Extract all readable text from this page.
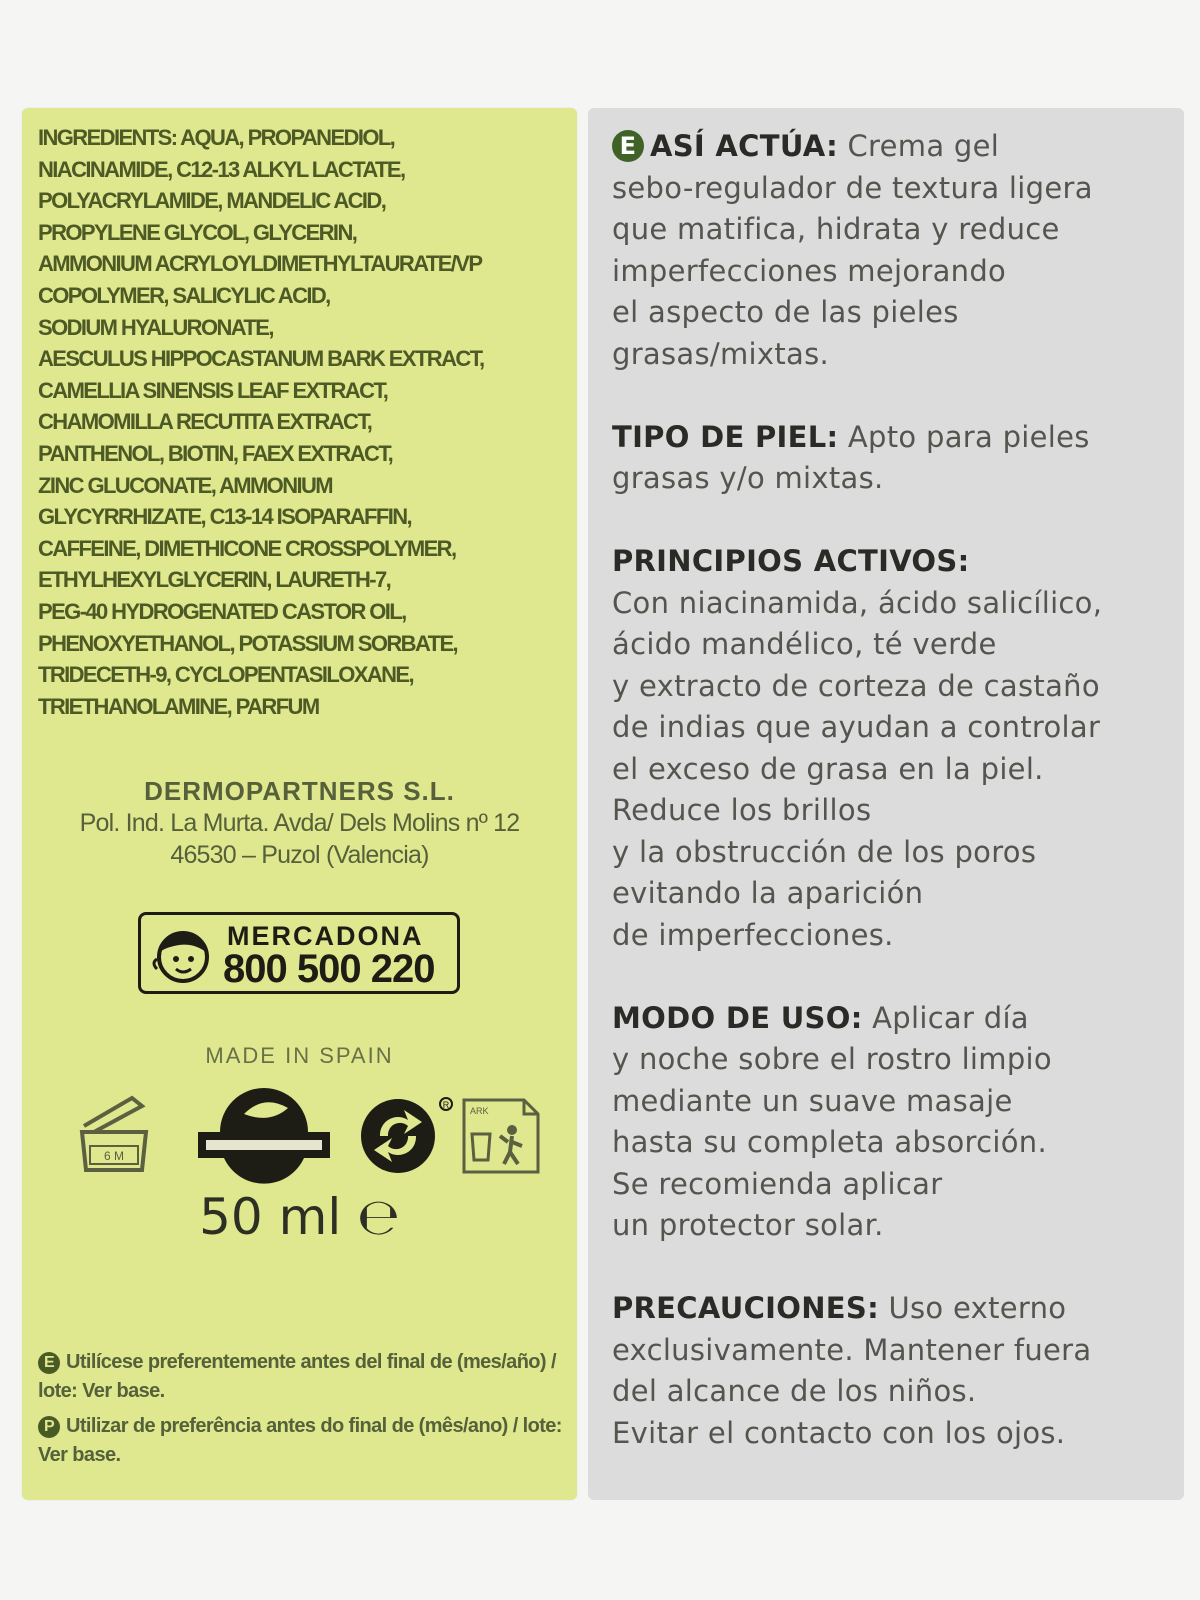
INGREDIENTS: AQUA, PROPANEDIOL,
NIACINAMIDE, C12-13 ALKYL LACTATE,
POLYACRYLAMIDE, MANDELIC ACID,
PROPYLENE GLYCOL, GLYCERIN,
AMMONIUM ACRYLOYLDIMETHYLTAURATE/VP
COPOLYMER, SALICYLIC ACID,
SODIUM HYALURONATE,
AESCULUS HIPPOCASTANUM BARK EXTRACT,
CAMELLIA SINENSIS LEAF EXTRACT,
CHAMOMILLA RECUTITA EXTRACT,
PANTHENOL, BIOTIN, FAEX EXTRACT,
ZINC GLUCONATE, AMMONIUM
GLYCYRRHIZATE, C13-14 ISOPARAFFIN,
CAFFEINE, DIMETHICONE CROSSPOLYMER,
ETHYLHEXYLGLYCERIN, LAURETH-7,
PEG-40 HYDROGENATED CASTOR OIL,
PHENOXYETHANOL, POTASSIUM SORBATE,
TRIDECETH-9, CYCLOPENTASILOXANE,
TRIETHANOLAMINE, PARFUM
DERMOPARTNERS S.L.
Pol. Ind. La Murta. Avda/ Dels Molins nº 12
46530 – Puzol (Valencia)
MERCADONA
800 500 220
MADE IN SPAIN
6 M
R
ARK
50 ml ℮
E Utilícese preferentemente antes del final de (mes/año) / lote: Ver base.
P Utilizar de preferência antes do final de (mês/ano) / lote: Ver base.

E ASÍ ACTÚA: Crema gel
sebo-regulador de textura ligera
que matifica, hidrata y reduce
imperfecciones mejorando
el aspecto de las pieles
grasas/mixtas.

TIPO DE PIEL: Apto para pieles
grasas y/o mixtas.

PRINCIPIOS ACTIVOS:
Con niacinamida, ácido salicílico,
ácido mandélico, té verde
y extracto de corteza de castaño
de indias que ayudan a controlar
el exceso de grasa en la piel.
Reduce los brillos
y la obstrucción de los poros
evitando la aparición
de imperfecciones.

MODO DE USO: Aplicar día
y noche sobre el rostro limpio
mediante un suave masaje
hasta su completa absorción.
Se recomienda aplicar
un protector solar.

PRECAUCIONES: Uso externo
exclusivamente. Mantener fuera
del alcance de los niños.
Evitar el contacto con los ojos.
